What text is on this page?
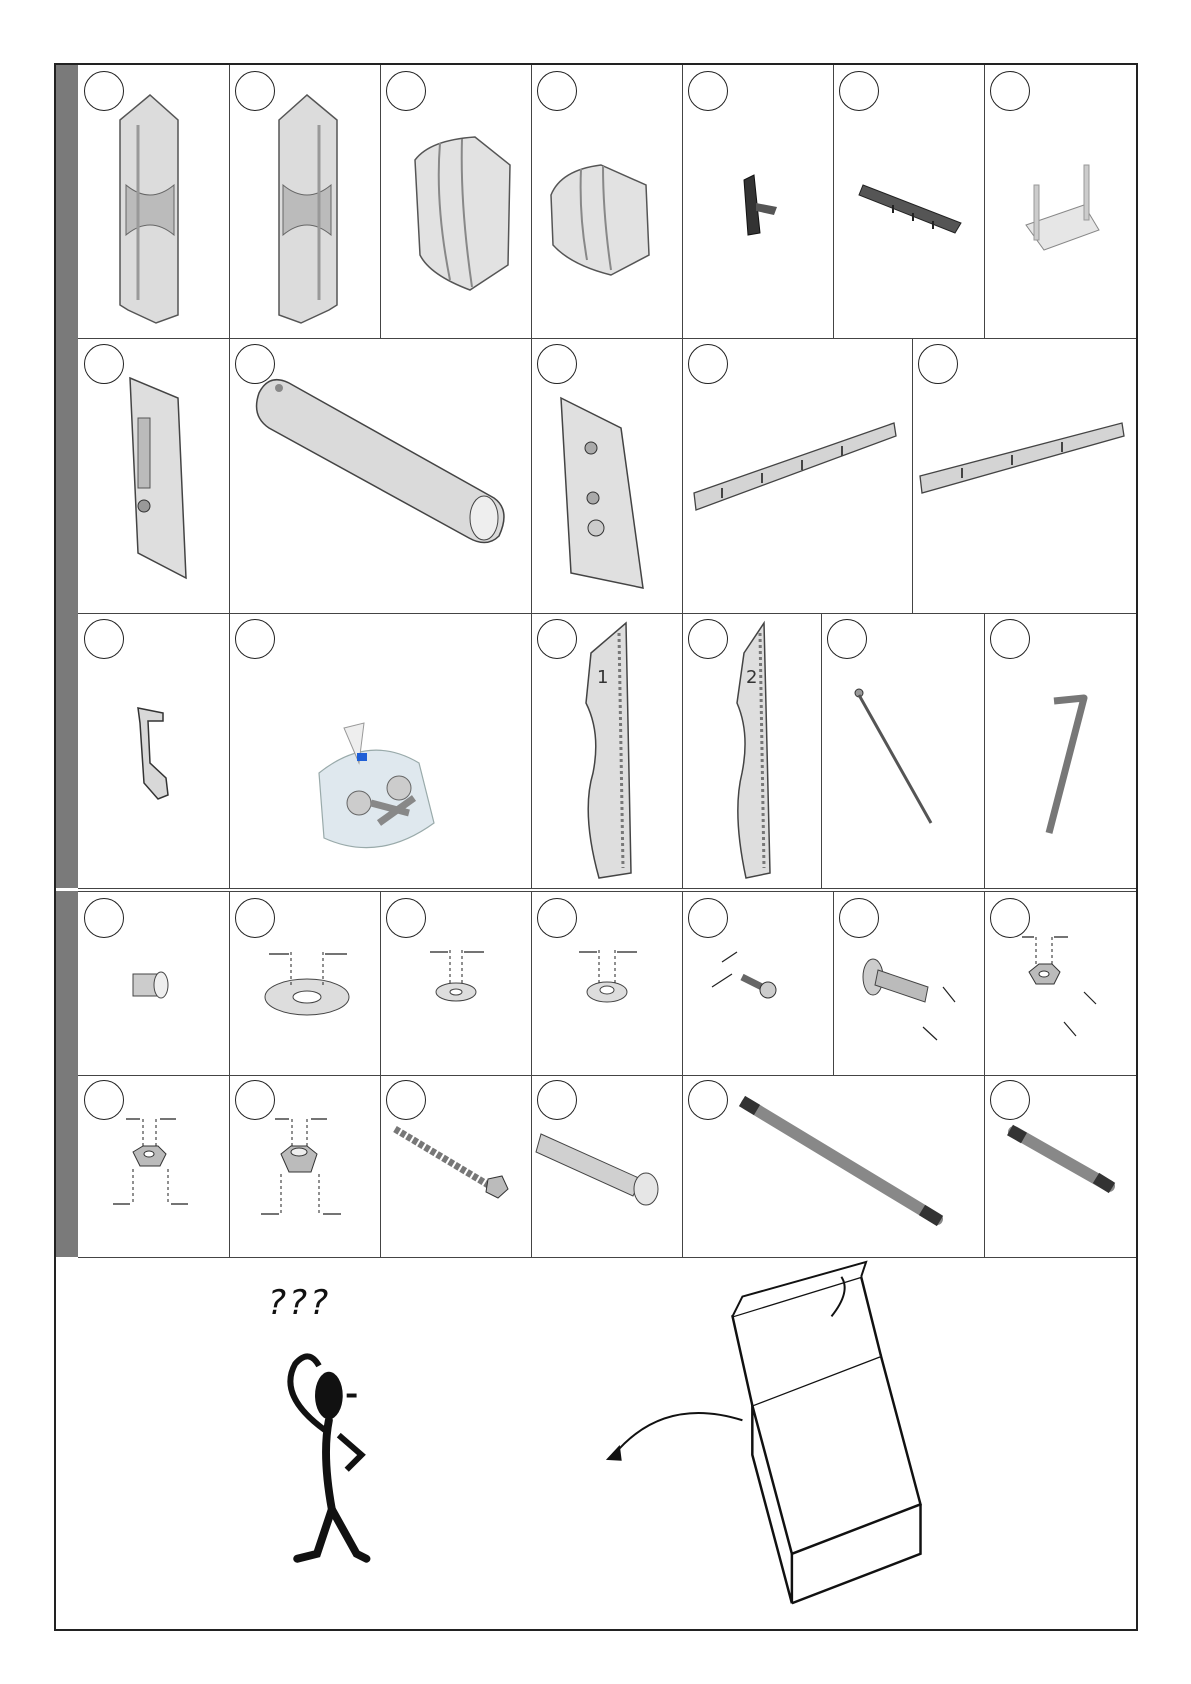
1	2
???
